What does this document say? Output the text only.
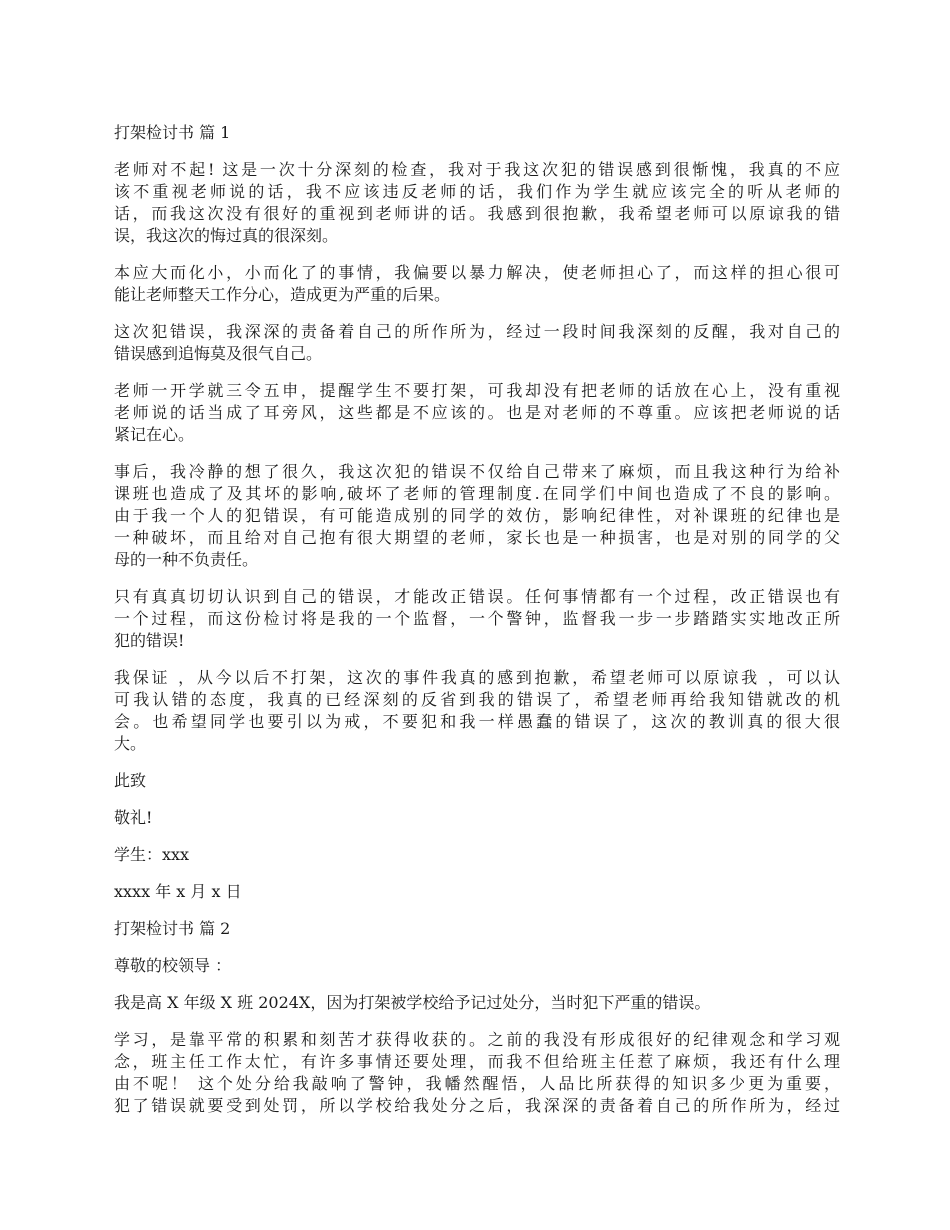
打架检讨书 篇 1
老师对不起! 这是一次十分深刻的检查，我对于我这次犯的错误感到很惭愧，我真的不应
该不重视老师说的话，我不应该违反老师的话，我们作为学生就应该完全的听从老师的
话，而我这次没有很好的重视到老师讲的话。我感到很抱歉，我希望老师可以原谅我的错
误，我这次的悔过真的很深刻。
本应大而化小，小而化了的事情，我偏要以暴力解决，使老师担心了，而这样的担心很可
能让老师整天工作分心，造成更为严重的后果。
这次犯错误，我深深的责备着自己的所作所为，经过一段时间我深刻的反醒，我对自己的
错误感到追悔莫及很气自己。
老师一开学就三令五申，提醒学生不要打架，可我却没有把老师的话放在心上，没有重视
老师说的话当成了耳旁风，这些都是不应该的。也是对老师的不尊重。应该把老师说的话
紧记在心。
事后，我冷静的想了很久，我这次犯的错误不仅给自己带来了麻烦，而且我这种行为给补
课班也造成了及其坏的影响,破坏了老师的管理制度.在同学们中间也造成了不良的影响。
由于我一个人的犯错误，有可能造成别的同学的效仿，影响纪律性，对补课班的纪律也是
一种破坏，而且给对自己抱有很大期望的老师，家长也是一种损害，也是对别的同学的父
母的一种不负责任。
只有真真切切认识到自己的错误，才能改正错误。任何事情都有一个过程，改正错误也有
一个过程，而这份检讨将是我的一个监督，一个警钟，监督我一步一步踏踏实实地改正所
犯的错误!
我保证 ，从今以后不打架，这次的事件我真的感到抱歉，希望老师可以原谅我 ，可以认
可我认错的态度，我真的已经深刻的反省到我的错误了，希望老师再给我知错就改的机
会。也希望同学也要引以为戒，不要犯和我一样愚蠢的错误了，这次的教训真的很大很
大。
此致
敬礼!
学生：xxx
xxxx 年 x 月 x 日
打架检讨书 篇 2
尊敬的校领导 ：
我是高 X 年级 X 班 2024X，因为打架被学校给予记过处分，当时犯下严重的错误。
学习，是靠平常的积累和刻苦才获得收获的。之前的我没有形成很好的纪律观念和学习观
念，班主任工作太忙，有许多事情还要处理，而我不但给班主任惹了麻烦，我还有什么理
由不呢！ 这个处分给我敲响了警钟，我幡然醒悟，人品比所获得的知识多少更为重要，
犯了错误就要受到处罚，所以学校给我处分之后，我深深的责备着自己的所作所为，经过
